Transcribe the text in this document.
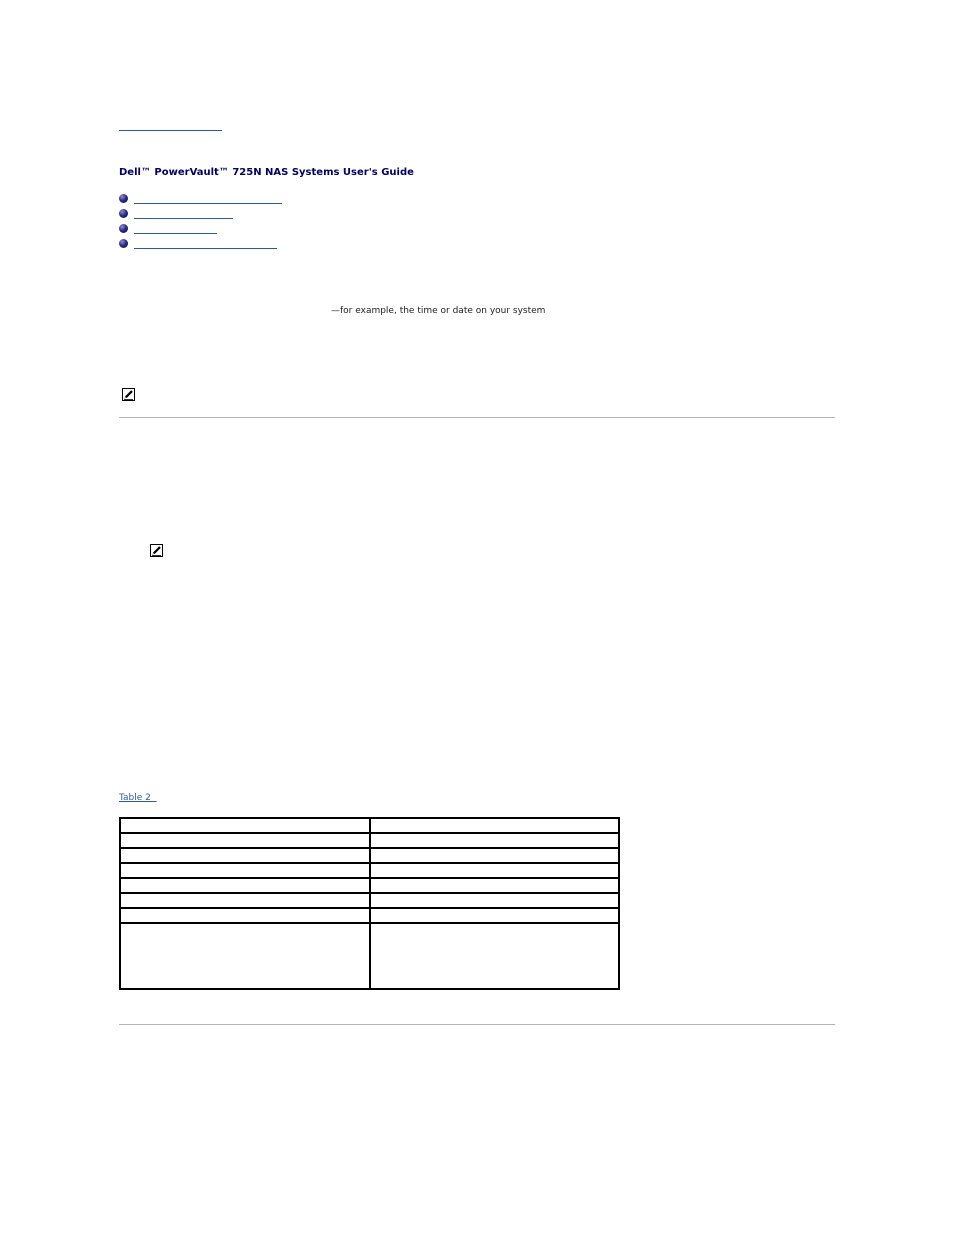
Dell™ PowerVault™ 725N NAS Systems User's Guide
—for example, the time or date on your system
Table 2
